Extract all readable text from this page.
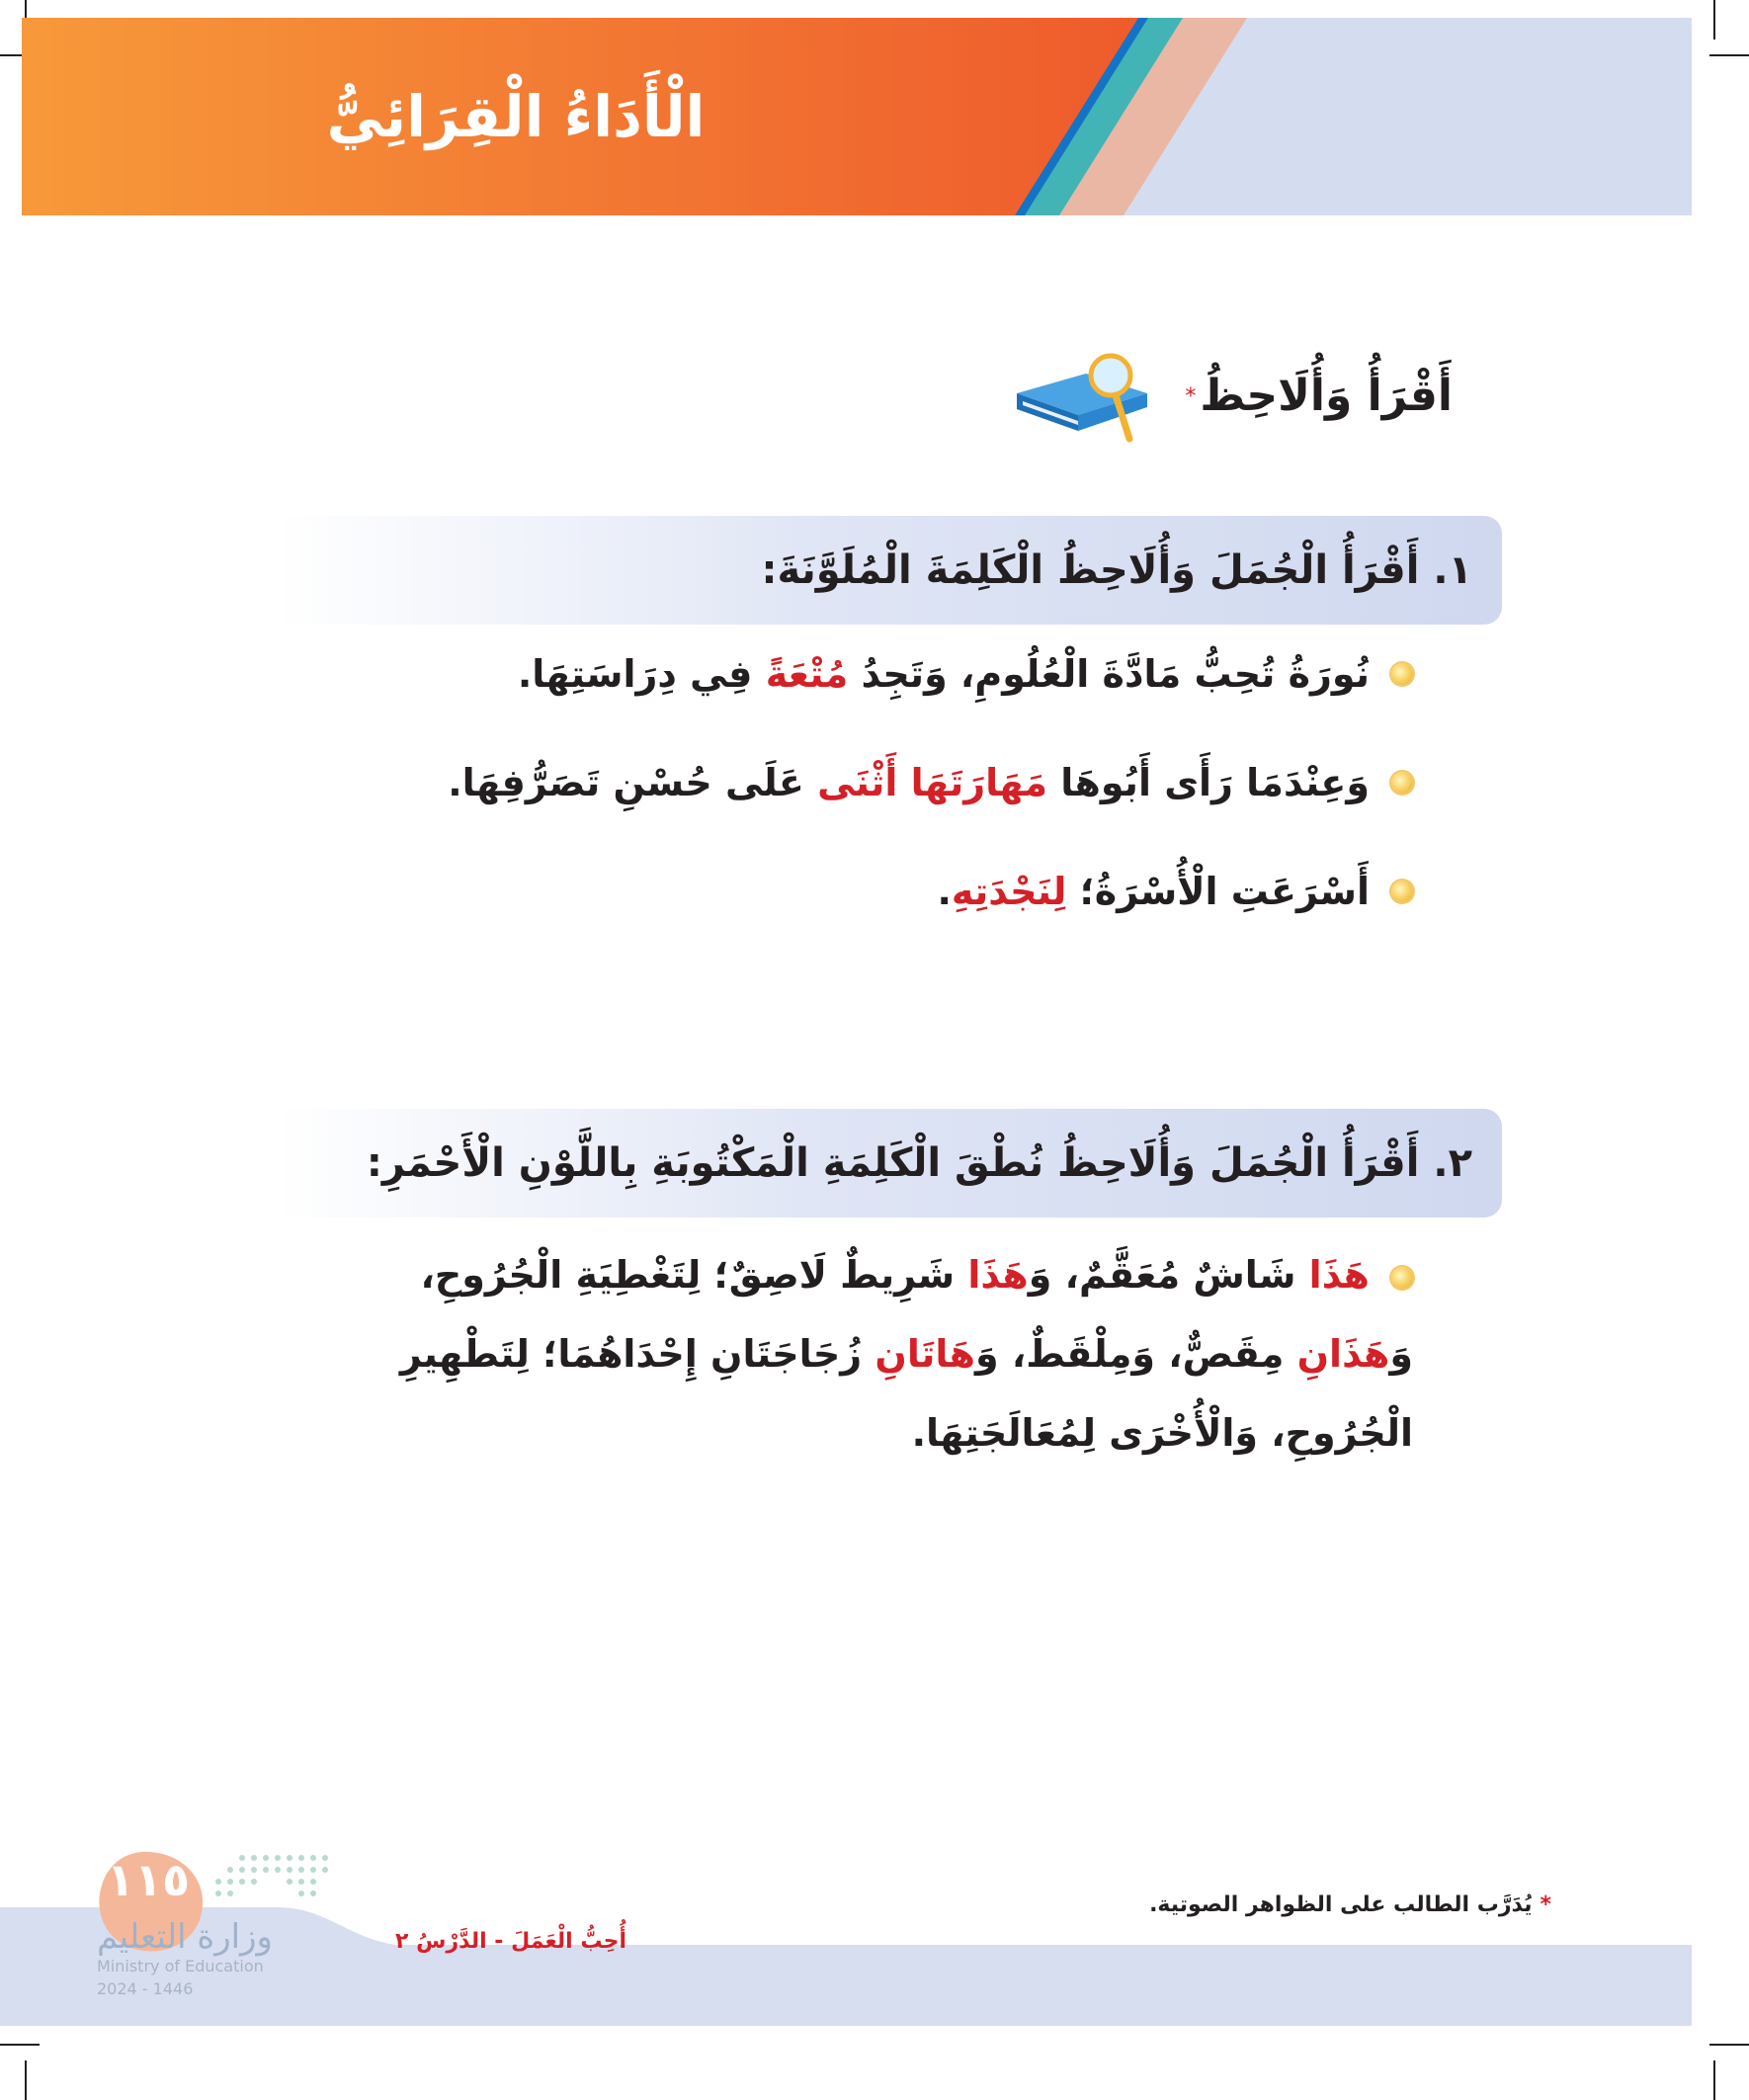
الْأَدَاءُ الْقِرَائِيُّ
أَقْرَأُ وَأُلَاحِظُ*
١. أَقْرَأُ الْجُمَلَ وَأُلَاحِظُ الْكَلِمَةَ الْمُلَوَّنَةَ:
نُورَةُ تُحِبُّ مَادَّةَ الْعُلُومِ، وَتَجِدُ مُتْعَةً فِي دِرَاسَتِهَا.
وَعِنْدَمَا رَأَى أَبُوهَا مَهَارَتَهَا أَثْنَى عَلَى حُسْنِ تَصَرُّفِهَا.
أَسْرَعَتِ الْأُسْرَةُ؛ لِنَجْدَتِهِ.
٢. أَقْرَأُ الْجُمَلَ وَأُلَاحِظُ نُطْقَ الْكَلِمَةِ الْمَكْتُوبَةِ بِاللَّوْنِ الْأَحْمَرِ:
هَذَا شَاشٌ مُعَقَّمٌ، وَهَذَا شَرِيطٌ لَاصِقٌ؛ لِتَغْطِيَةِ الْجُرُوحِ، وَهَذَانِ مِقَصٌّ، وَمِلْقَطٌ، وَهَاتَانِ زُجَاجَتَانِ إِحْدَاهُمَا؛ لِتَطْهِيرِ الْجُرُوحِ، وَالْأُخْرَى لِمُعَالَجَتِهَا.
١١٥
وزارة التعليم
Ministry of Education
2024 - 1446
*يُدَرَّب الطالب على الظواهر الصوتية.
أُحِبُّ الْعَمَلَ - الدَّرْسُ ٢
